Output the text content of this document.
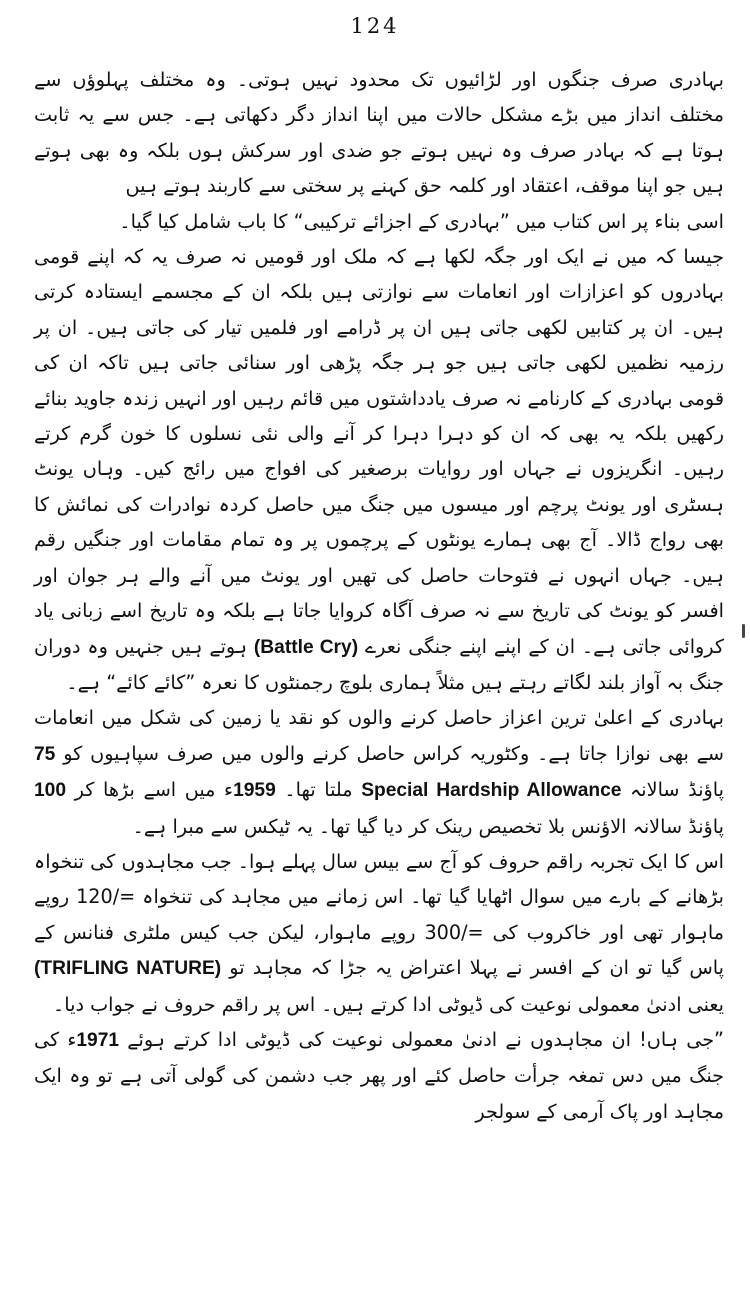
124

بہادری صرف جنگوں اور لڑائیوں تک محدود نہیں ہوتی۔ وہ مختلف پہلوؤں سے مختلف انداز میں بڑے مشکل حالات میں اپنا انداز دگر دکھاتی ہے۔ جس سے یہ ثابت ہوتا ہے کہ بہادر صرف وہ نہیں ہوتے جو ضدی اور سرکش ہوں بلکہ وہ بھی ہوتے ہیں جو اپنا موقف، اعتقاد اور کلمہ حق کہنے پر سختی سے کاربند ہوتے ہیں

اسی بناء پر اس کتاب میں ”بہادری کے اجزائے ترکیبی“ کا باب شامل کیا گیا۔

جیسا کہ میں نے ایک اور جگہ لکھا ہے کہ ملک اور قومیں نہ صرف یہ کہ اپنے قومی بہادروں کو اعزازات اور انعامات سے نوازتی ہیں بلکہ ان کے مجسمے ایستادہ کرتی ہیں۔ ان پر کتابیں لکھی جاتی ہیں ان پر ڈرامے اور فلمیں تیار کی جاتی ہیں۔ ان پر رزمیہ نظمیں لکھی جاتی ہیں جو ہر جگہ پڑھی اور سنائی جاتی ہیں تاکہ ان کی قومی بہادری کے کارنامے نہ صرف یادداشتوں میں قائم رہیں اور انہیں زندہ جاوید بنائے رکھیں بلکہ یہ بھی کہ ان کو دہرا دہرا کر آنے والی نئی نسلوں کا خون گرم کرتے رہیں۔ انگریزوں نے جہاں اور روایات برصغیر کی افواج میں رائج کیں۔ وہاں یونٹ ہسٹری اور یونٹ پرچم اور میسوں میں جنگ میں حاصل کردہ نوادرات کی نمائش کا بھی رواج ڈالا۔ آج بھی ہمارے یونٹوں کے پرچموں پر وہ تمام مقامات اور جنگیں رقم ہیں۔ جہاں انہوں نے فتوحات حاصل کی تھیں اور یونٹ میں آنے والے ہر جوان اور افسر کو یونٹ کی تاریخ سے نہ صرف آگاہ کروایا جاتا ہے بلکہ وہ تاریخ اسے زبانی یاد کروائی جاتی ہے۔ ان کے اپنے اپنے جنگی نعرے (Battle Cry) ہوتے ہیں جنہیں وہ دوران جنگ بہ آواز بلند لگاتے رہتے ہیں مثلاً ہماری بلوچ رجمنٹوں کا نعرہ ”کائے کائے“ ہے۔

بہادری کے اعلیٰ ترین اعزاز حاصل کرنے والوں کو نقد یا زمین کی شکل میں انعامات سے بھی نوازا جاتا ہے۔ وکٹوریہ کراس حاصل کرنے والوں میں صرف سپاہیوں کو 75 پاؤنڈ سالانہ Special Hardship Allowance ملتا تھا۔ 1959ء میں اسے بڑھا کر 100 پاؤنڈ سالانہ الاؤنس بلا تخصیص رینک کر دیا گیا تھا۔ یہ ٹیکس سے مبرا ہے۔

اس کا ایک تجربہ راقم حروف کو آج سے بیس سال پہلے ہوا۔ جب مجاہدوں کی تنخواہ بڑھانے کے بارے میں سوال اٹھایا گیا تھا۔ اس زمانے میں مجاہد کی تنخواہ =/120 روپے ماہوار تھی اور خاکروب کی =/300 روپے ماہوار، لیکن جب کیس ملٹری فنانس کے پاس گیا تو ان کے افسر نے پہلا اعتراض یہ جڑا کہ مجاہد تو (TRIFLING NATURE) یعنی ادنیٰ معمولی نوعیت کی ڈیوٹی ادا کرتے ہیں۔ اس پر راقم حروف نے جواب دیا۔

”جی ہاں! ان مجاہدوں نے ادنیٰ معمولی نوعیت کی ڈیوٹی ادا کرتے ہوئے 1971ء کی جنگ میں دس تمغہ جرأت حاصل کئے اور پھر جب دشمن کی گولی آتی ہے تو وہ ایک مجاہد اور پاک آرمی کے سولجر
